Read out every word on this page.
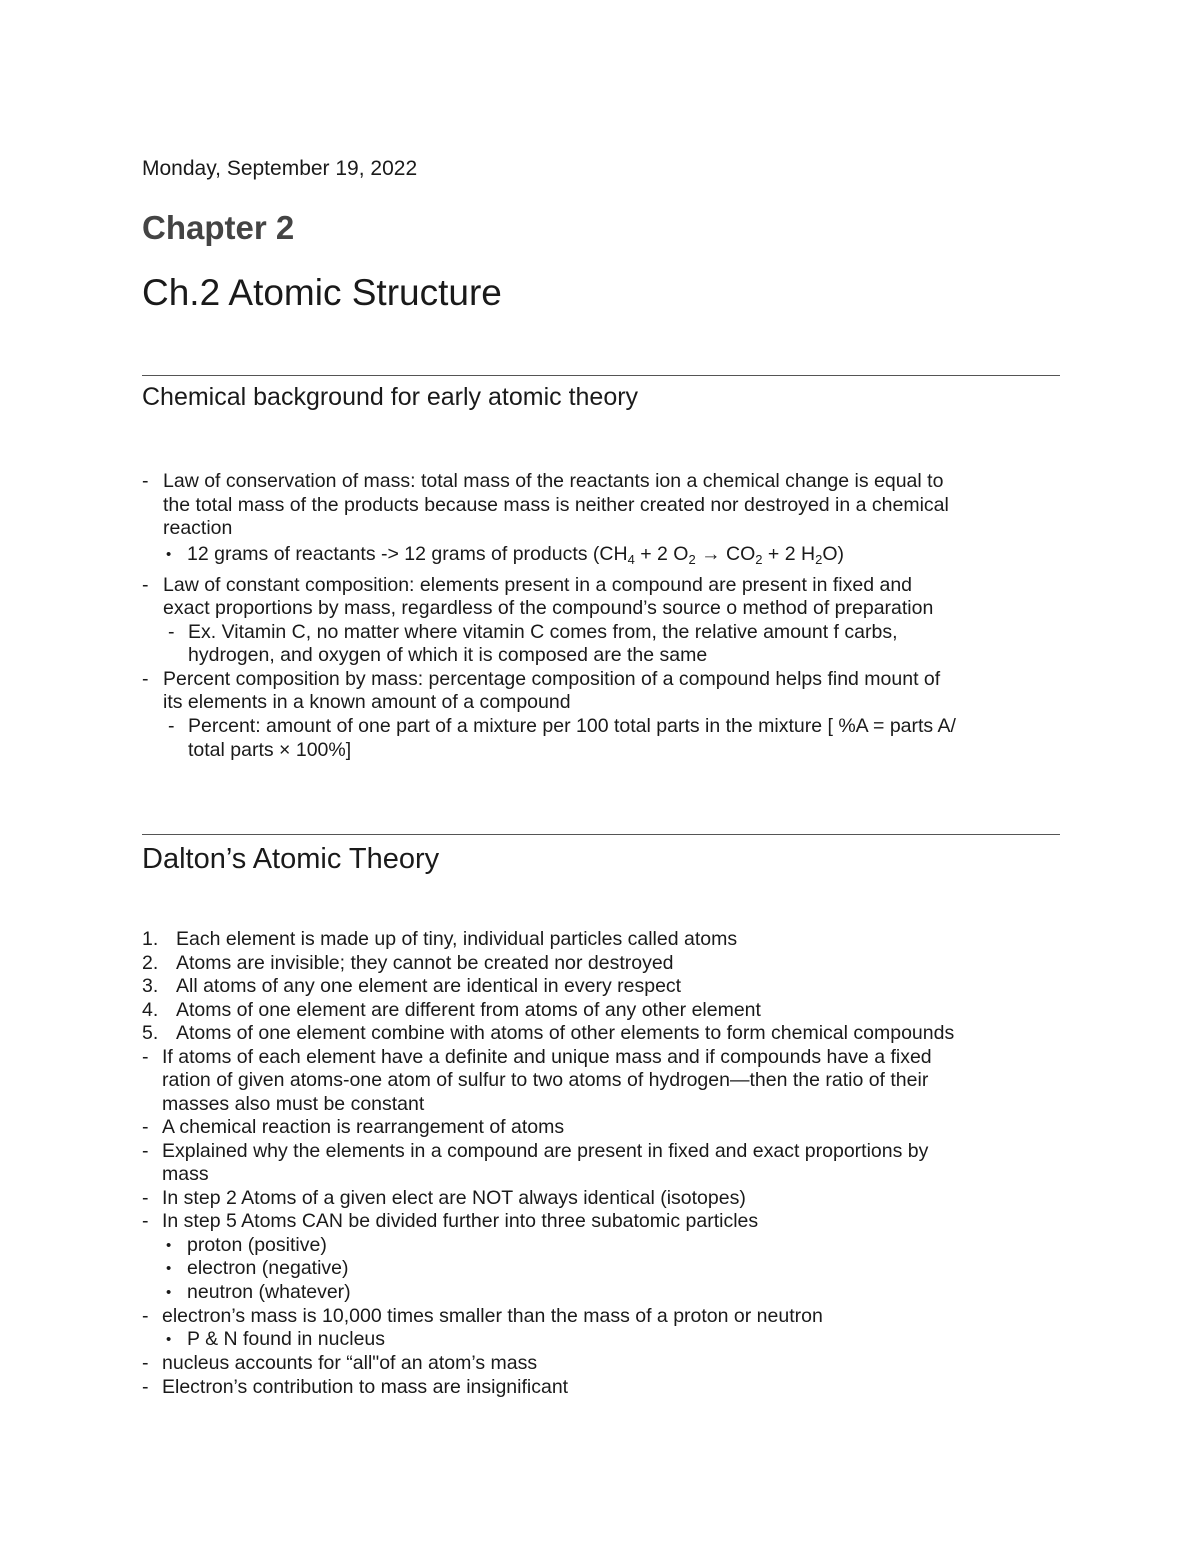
Monday, September 19, 2022
Chapter 2
Ch.2 Atomic Structure
Chemical background for early atomic theory
- Law of conservation of mass: total mass of the reactants ion a chemical change is equal to
the total mass of the products because mass is neither created nor destroyed in a chemical
reaction
• 12 grams of reactants -> 12 grams of products ($CH_4 + 2$ $O_2 \to CO_2 + 2$ $H_2O$)
- Law of constant composition: elements present in a compound are present in fixed and
exact proportions by mass, regardless of the compound’s source o method of preparation
- Ex. Vitamin C, no matter where vitamin C comes from, the relative amount f carbs,
hydrogen, and oxygen of which it is composed are the same
- Percent composition by mass: percentage composition of a compound helps find mount of
its elements in a known amount of a compound
- Percent: amount of one part of a mixture per 100 total parts in the mixture [ %A = parts A/
total parts × 100%]
Dalton’s Atomic Theory
1. Each element is made up of tiny, individual particles called atoms
2. Atoms are invisible; they cannot be created nor destroyed
3. All atoms of any one element are identical in every respect
4. Atoms of one element are different from atoms of any other element
5. Atoms of one element combine with atoms of other elements to form chemical compounds
- If atoms of each element have a definite and unique mass and if compounds have a fixed
ration of given atoms-one atom of sulfur to two atoms of hydrogen—then the ratio of their
masses also must be constant
- A chemical reaction is rearrangement of atoms
- Explained why the elements in a compound are present in fixed and exact proportions by
mass
- In step 2 Atoms of a given elect are NOT always identical (isotopes)
- In step 5 Atoms CAN be divided further into three subatomic particles
• proton (positive)
• electron (negative)
• neutron (whatever)
- electron’s mass is 10,000 times smaller than the mass of a proton or neutron
• P & N found in nucleus
- nucleus accounts for “all"of an atom’s mass
- Electron’s contribution to mass are insignificant
